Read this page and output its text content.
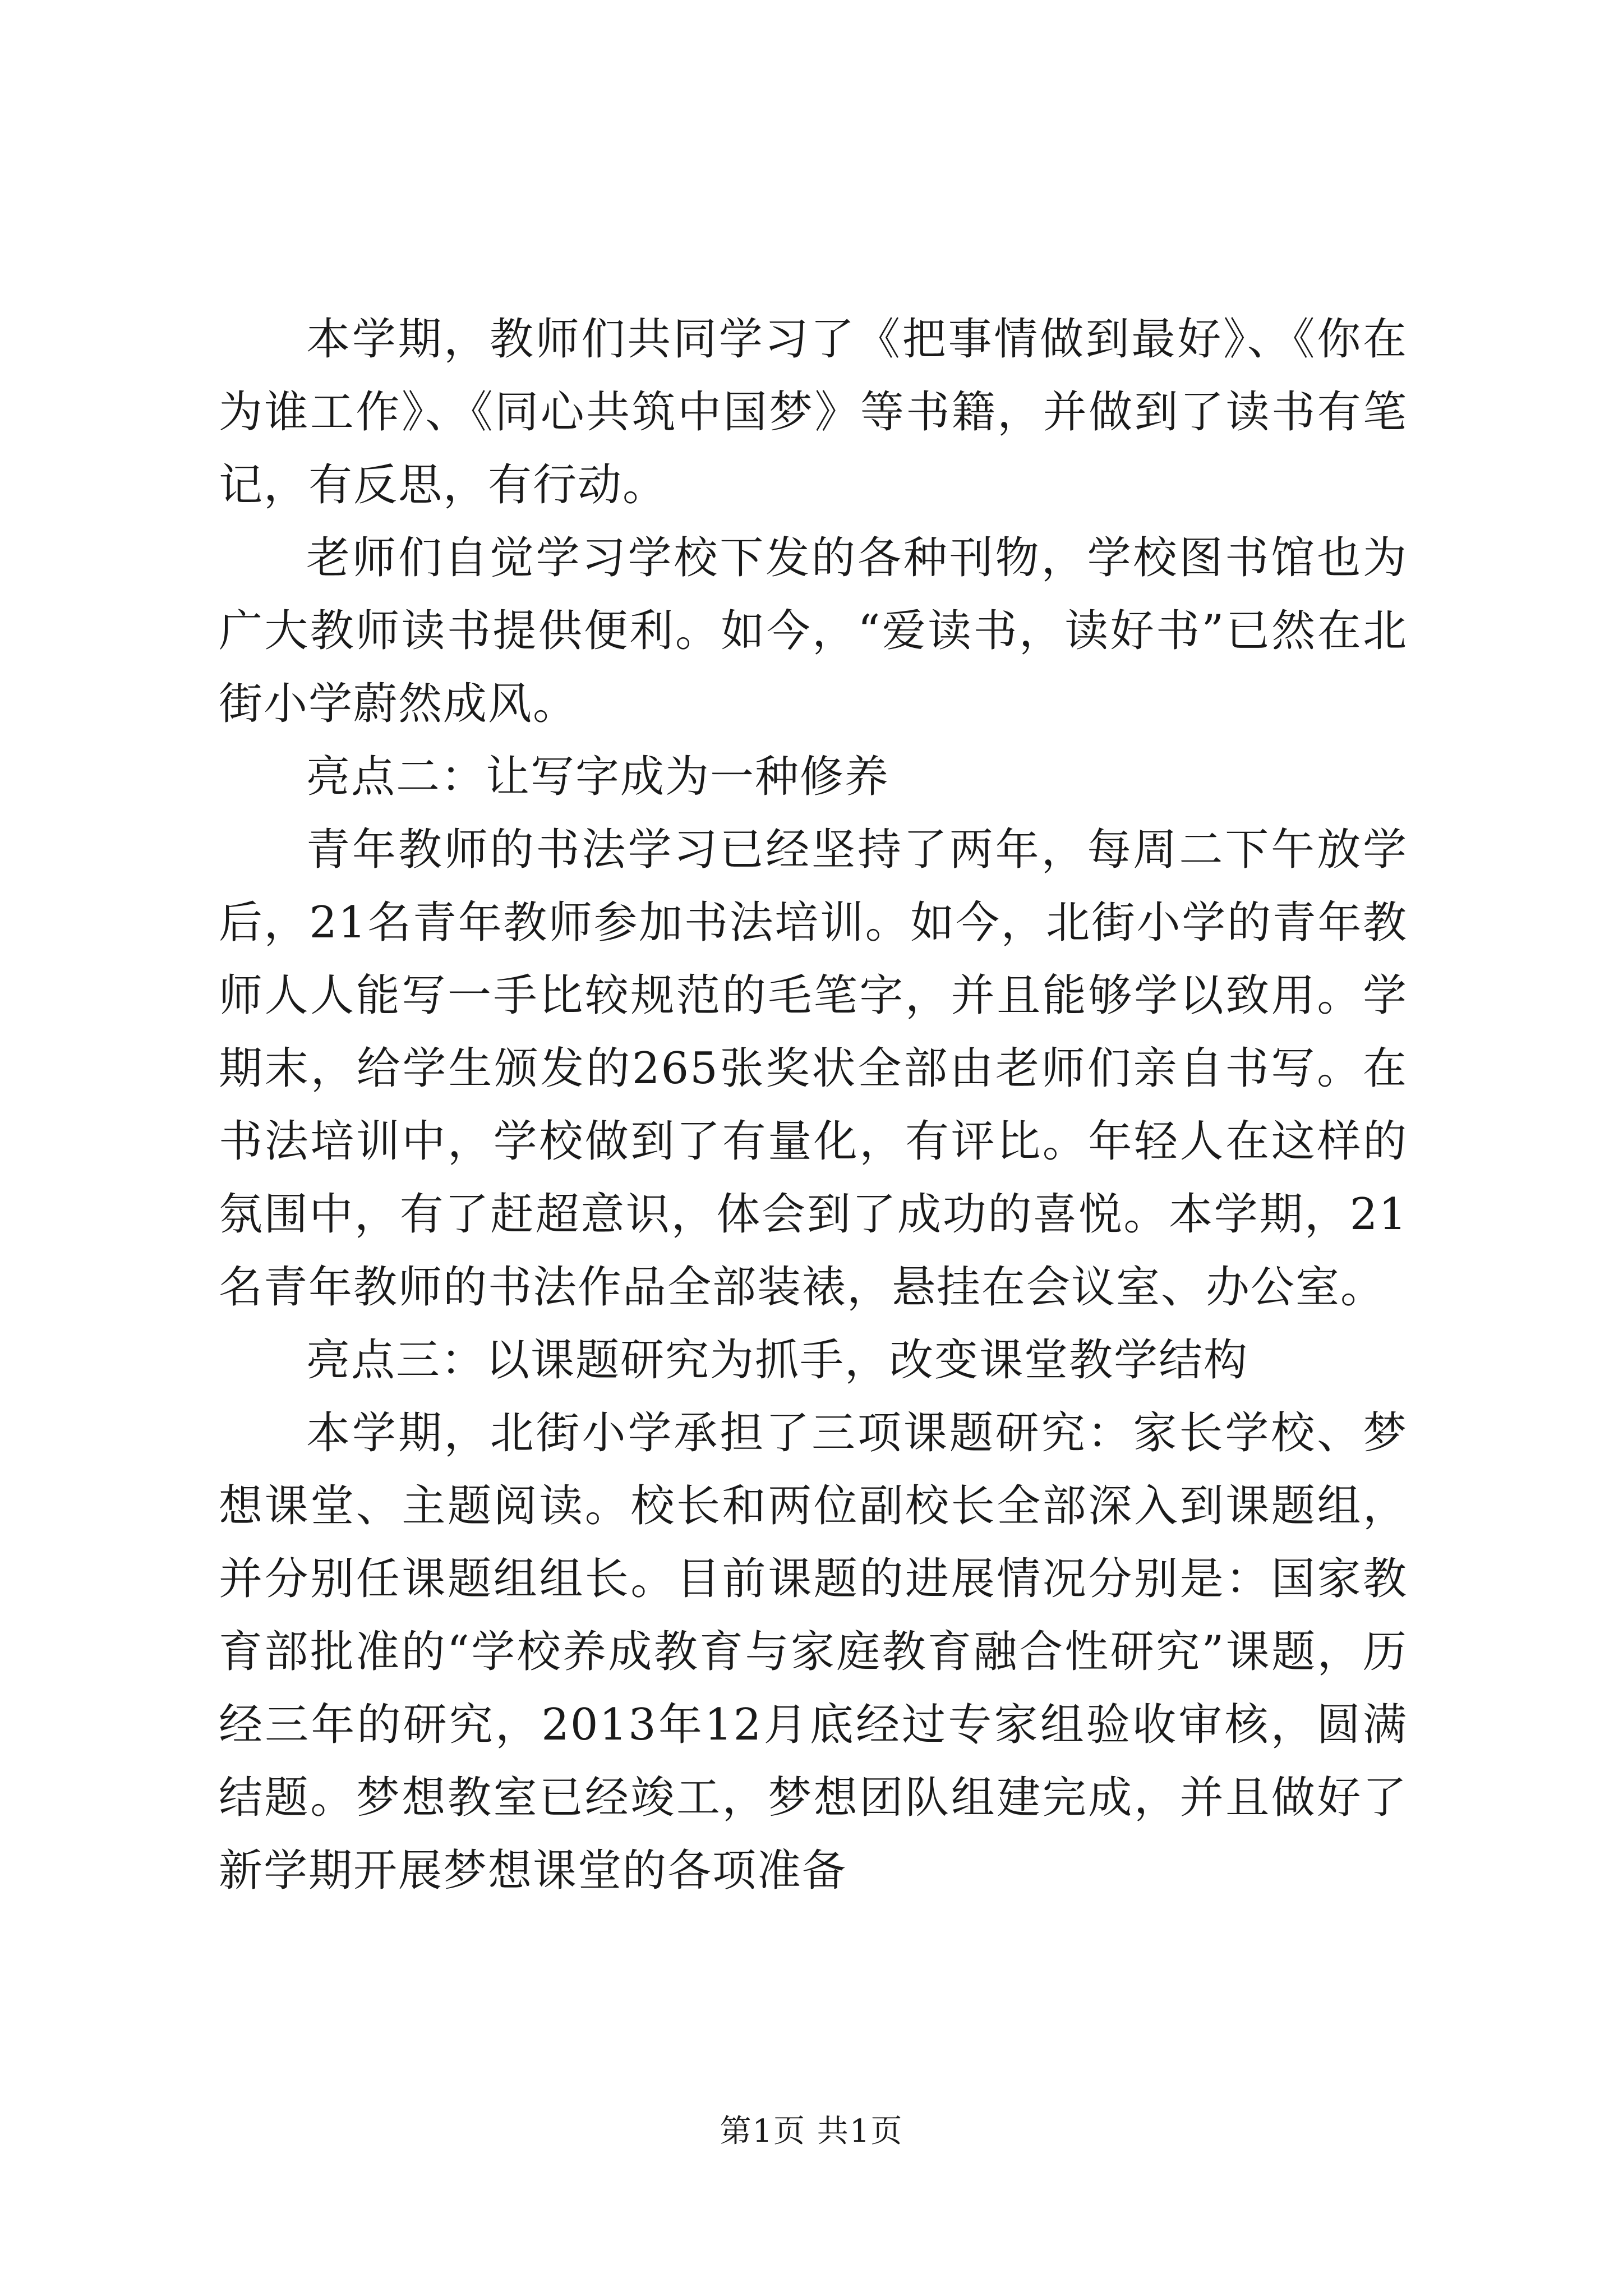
本学期，教师们共同学习了《把事情做到最好》、《你在为谁工作》、《同心共筑中国梦》等书籍，并做到了读书有笔记，有反思，有行动。

老师们自觉学习学校下发的各种刊物，学校图书馆也为广大教师读书提供便利。如今，“爱读书，读好书”已然在北街小学蔚然成风。

亮点二：让写字成为一种修养

青年教师的书法学习已经坚持了两年，每周二下午放学后，21名青年教师参加书法培训。如今，北街小学的青年教师人人能写一手比较规范的毛笔字，并且能够学以致用。学期末，给学生颁发的265张奖状全部由老师们亲自书写。在书法培训中，学校做到了有量化，有评比。年轻人在这样的氛围中，有了赶超意识，体会到了成功的喜悦。本学期，21名青年教师的书法作品全部装裱，悬挂在会议室、办公室。

亮点三：以课题研究为抓手，改变课堂教学结构

本学期，北街小学承担了三项课题研究：家长学校、梦想课堂、主题阅读。校长和两位副校长全部深入到课题组，并分别任课题组组长。目前课题的进展情况分别是：国家教育部批准的“学校养成教育与家庭教育融合性研究”课题，历经三年的研究，2013年12月底经过专家组验收审核，圆满结题。梦想教室已经竣工，梦想团队组建完成，并且做好了新学期开展梦想课堂的各项准备

第1页 共1页
